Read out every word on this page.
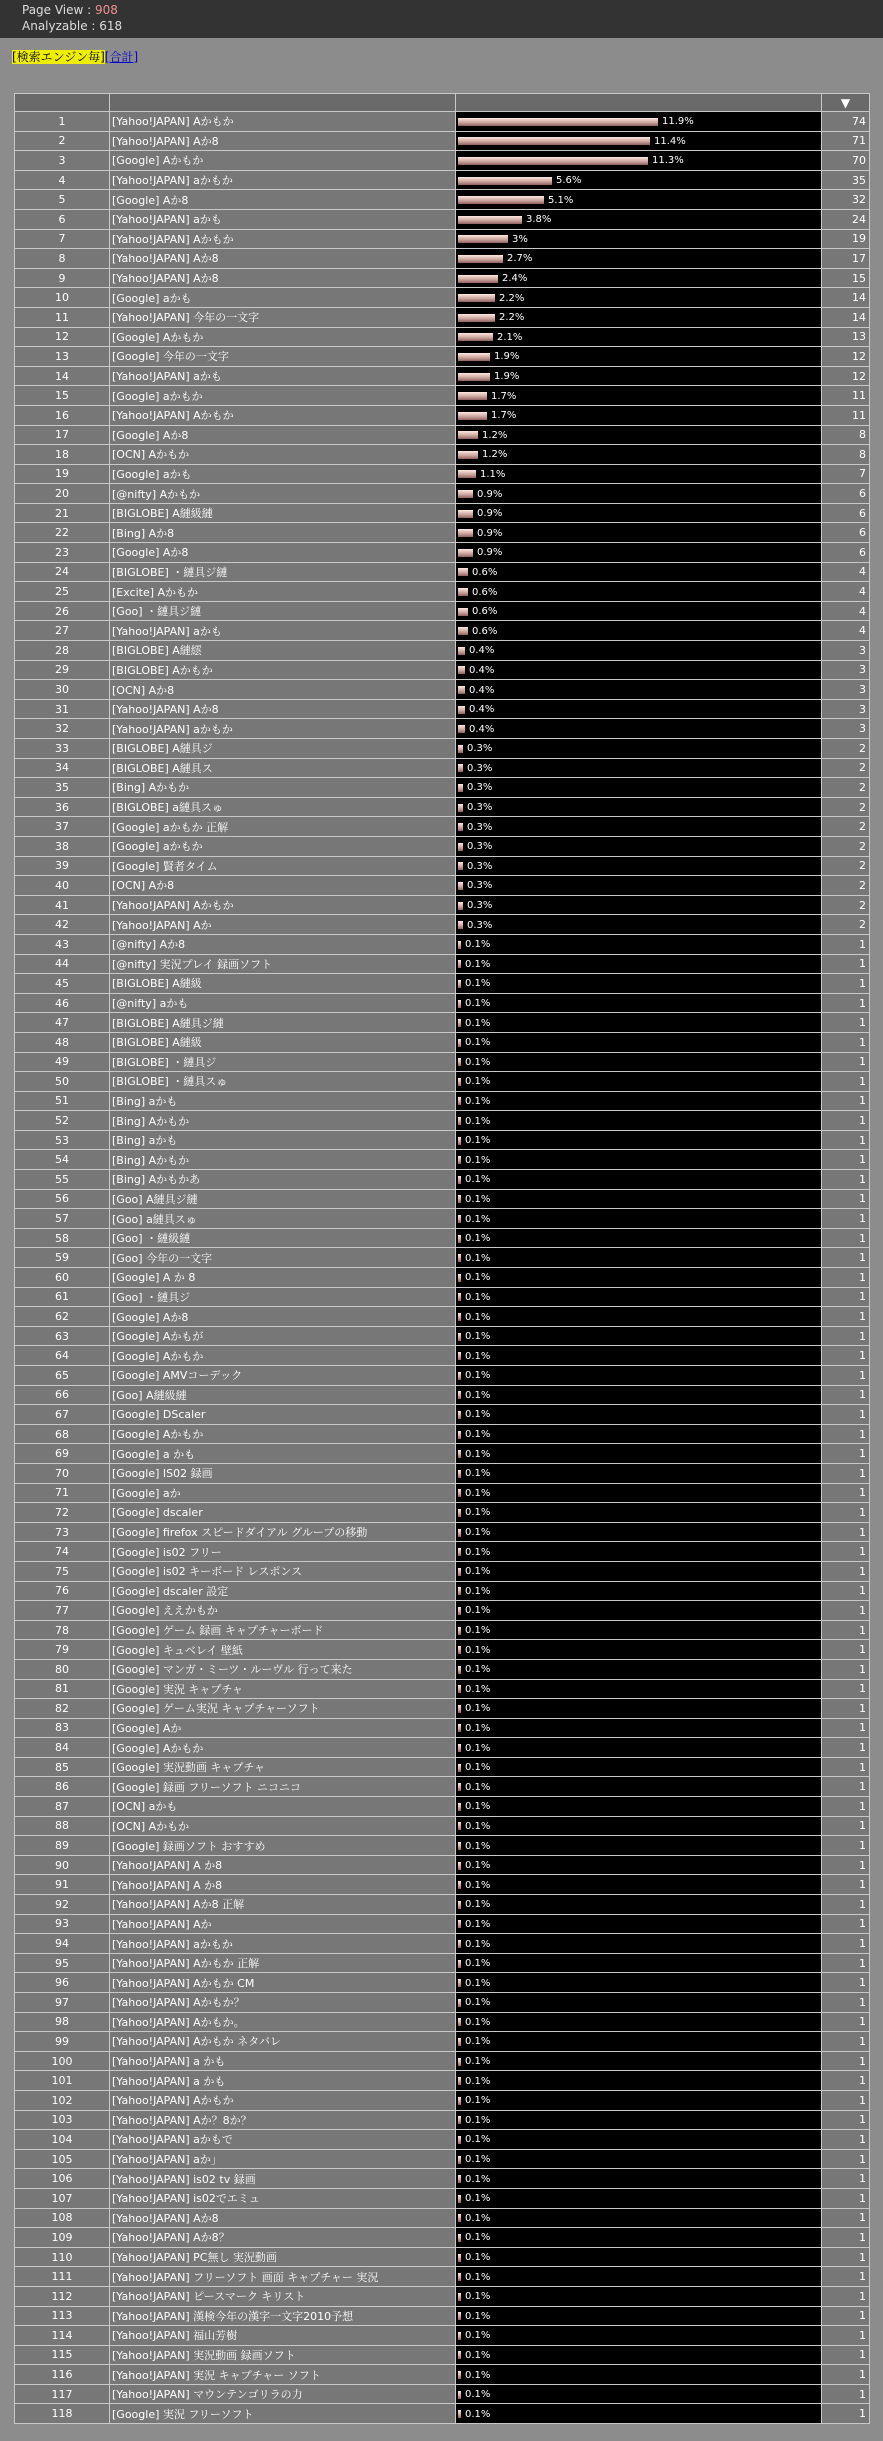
Page View : 908
Analyzable : 618
[検索エンジン毎][合計]
			▼
1	[Yahoo!JAPAN] Aかもか	11.9%	74
2	[Yahoo!JAPAN] Aか8	11.4%	71
3	[Google] Aかもか	11.3%	70
4	[Yahoo!JAPAN] aかもか	5.6%	35
5	[Google] Aか8	5.1%	32
6	[Yahoo!JAPAN] aかも	3.8%	24
7	[Yahoo!JAPAN] Aかもか	3%	19
8	[Yahoo!JAPAN] Aか8	2.7%	17
9	[Yahoo!JAPAN] Aか8	2.4%	15
10	[Google] aかも	2.2%	14
11	[Yahoo!JAPAN] 今年の一文字	2.2%	14
12	[Google] Aかもか	2.1%	13
13	[Google] 今年の一文字	1.9%	12
14	[Yahoo!JAPAN] aかも	1.9%	12
15	[Google] aかもか	1.7%	11
16	[Yahoo!JAPAN] Aかもか	1.7%	11
17	[Google] Aか8	1.2%	8
18	[OCN] Aかもか	1.2%	8
19	[Google] aかも	1.1%	7
20	[@nifty] Aかもか	0.9%	6
21	[BIGLOBE] A縺級縺	0.9%	6
22	[Bing] Aか8	0.9%	6
23	[Google] Aか8	0.9%	6
24	[BIGLOBE] ・縺具ジ縺	0.6%	4
25	[Excite] Aかもか	0.6%	4
26	[Goo] ・縺具ジ縺	0.6%	4
27	[Yahoo!JAPAN] aかも	0.6%	4
28	[BIGLOBE] A縺繧	0.4%	3
29	[BIGLOBE] Aかもか	0.4%	3
30	[OCN] Aか8	0.4%	3
31	[Yahoo!JAPAN] Aか8	0.4%	3
32	[Yahoo!JAPAN] aかもか	0.4%	3
33	[BIGLOBE] A縺具ジ	0.3%	2
34	[BIGLOBE] A縺具ス	0.3%	2
35	[Bing] Aかもか	0.3%	2
36	[BIGLOBE] a縺具スゅ	0.3%	2
37	[Google] aかもか 正解	0.3%	2
38	[Google] aかもか	0.3%	2
39	[Google] 賢者タイム	0.3%	2
40	[OCN] Aか8	0.3%	2
41	[Yahoo!JAPAN] Aかもか	0.3%	2
42	[Yahoo!JAPAN] Aか	0.3%	2
43	[@nifty] Aか8	0.1%	1
44	[@nifty] 実況プレイ 録画ソフト	0.1%	1
45	[BIGLOBE] A縺級	0.1%	1
46	[@nifty] aかも	0.1%	1
47	[BIGLOBE] A縺具ジ縺	0.1%	1
48	[BIGLOBE] A縺級	0.1%	1
49	[BIGLOBE] ・縺具ジ	0.1%	1
50	[BIGLOBE] ・縺具スゅ	0.1%	1
51	[Bing] aかも	0.1%	1
52	[Bing] Aかもか	0.1%	1
53	[Bing] aかも	0.1%	1
54	[Bing] Aかもか	0.1%	1
55	[Bing] Aかもかあ	0.1%	1
56	[Goo] A縺具ジ縺	0.1%	1
57	[Goo] a縺具スゅ	0.1%	1
58	[Goo] ・縺級縺	0.1%	1
59	[Goo] 今年の一文字	0.1%	1
60	[Google] A か 8	0.1%	1
61	[Goo] ・縺具ジ	0.1%	1
62	[Google] Aか8	0.1%	1
63	[Google] Aかもが	0.1%	1
64	[Google] Aかもか	0.1%	1
65	[Google] AMVコーデック	0.1%	1
66	[Goo] A縺級縺	0.1%	1
67	[Google] DScaler	0.1%	1
68	[Google] Aかもか	0.1%	1
69	[Google] a かも	0.1%	1
70	[Google] IS02 録画	0.1%	1
71	[Google] aか	0.1%	1
72	[Google] dscaler	0.1%	1
73	[Google] firefox スピードダイアル グループの移動	0.1%	1
74	[Google] is02 フリー	0.1%	1
75	[Google] is02 キーボード レスポンス	0.1%	1
76	[Google] dscaler 設定	0.1%	1
77	[Google] ええかもか	0.1%	1
78	[Google] ゲーム 録画 キャプチャーボード	0.1%	1
79	[Google] キュベレイ 壁紙	0.1%	1
80	[Google] マンガ・ミーツ・ルーヴル 行って来た	0.1%	1
81	[Google] 実況 キャプチャ	0.1%	1
82	[Google] ゲーム実況 キャプチャーソフト	0.1%	1
83	[Google] Aか	0.1%	1
84	[Google] Aかもか	0.1%	1
85	[Google] 実況動画 キャプチャ	0.1%	1
86	[Google] 録画 フリーソフト ニコニコ	0.1%	1
87	[OCN] aかも	0.1%	1
88	[OCN] Aかもか	0.1%	1
89	[Google] 録画ソフト おすすめ	0.1%	1
90	[Yahoo!JAPAN] A か8	0.1%	1
91	[Yahoo!JAPAN] A か8	0.1%	1
92	[Yahoo!JAPAN] Aか8 正解	0.1%	1
93	[Yahoo!JAPAN] Aか	0.1%	1
94	[Yahoo!JAPAN] aかもか	0.1%	1
95	[Yahoo!JAPAN] Aかもか 正解	0.1%	1
96	[Yahoo!JAPAN] Aかもか CM	0.1%	1
97	[Yahoo!JAPAN] Aかもか？	0.1%	1
98	[Yahoo!JAPAN] Aかもか。	0.1%	1
99	[Yahoo!JAPAN] Aかもか ネタバレ	0.1%	1
100	[Yahoo!JAPAN] a かも	0.1%	1
101	[Yahoo!JAPAN] a かも	0.1%	1
102	[Yahoo!JAPAN] Aかもか	0.1%	1
103	[Yahoo!JAPAN] Aか？8か？	0.1%	1
104	[Yahoo!JAPAN] aかもで	0.1%	1
105	[Yahoo!JAPAN] aか」	0.1%	1
106	[Yahoo!JAPAN] is02 tv 録画	0.1%	1
107	[Yahoo!JAPAN] is02でエミュ	0.1%	1
108	[Yahoo!JAPAN] Aか8	0.1%	1
109	[Yahoo!JAPAN] Aか8？	0.1%	1
110	[Yahoo!JAPAN] PC無し 実況動画	0.1%	1
111	[Yahoo!JAPAN] フリーソフト 画面 キャプチャー 実況	0.1%	1
112	[Yahoo!JAPAN] ピースマーク キリスト	0.1%	1
113	[Yahoo!JAPAN] 漢検今年の漢字一文字2010予想	0.1%	1
114	[Yahoo!JAPAN] 福山芳樹	0.1%	1
115	[Yahoo!JAPAN] 実況動画 録画ソフト	0.1%	1
116	[Yahoo!JAPAN] 実況 キャプチャー ソフト	0.1%	1
117	[Yahoo!JAPAN] マウンテンゴリラの力	0.1%	1
118	[Google] 実況 フリーソフト	0.1%	1
